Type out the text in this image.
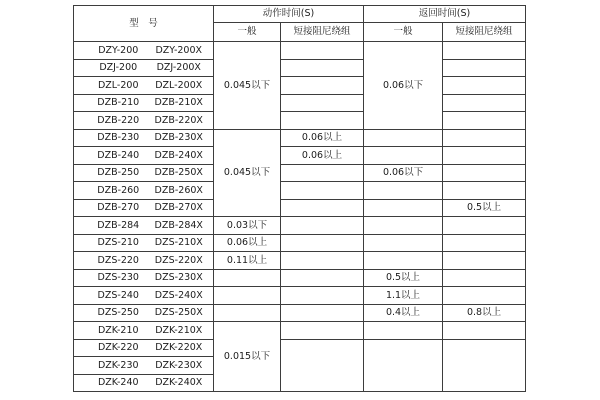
型　号	动作时间(S)		返回时间(S)	
	一般	短接阻尼绕组	一般	短接阻尼绕组

DZY-200 DZY-200X	0.045以下		0.06以下	

DZJ-200 DZJ-200X				

DZL-200 DZL-200X				

DZB-210 DZB-210X				

DZB-220 DZB-220X				

DZB-230 DZB-230X	0.045以下	0.06以上		

DZB-240 DZB-240X		0.06以上		

DZB-250 DZB-250X			0.06以下	

DZB-260 DZB-260X				

DZB-270 DZB-270X				0.5以上

DZB-284 DZB-284X	0.03以下			

DZS-210 DZS-210X	0.06以上			

DZS-220 DZS-220X	0.11以上			

DZS-230 DZS-230X			0.5以上	

DZS-240 DZS-240X			1.1以上	

DZS-250 DZS-250X			0.4以上	0.8以上

DZK-210 DZK-210X	0.015以下			

DZK-220 DZK-220X				

DZK-230 DZK-230X				

DZK-240 DZK-240X				
